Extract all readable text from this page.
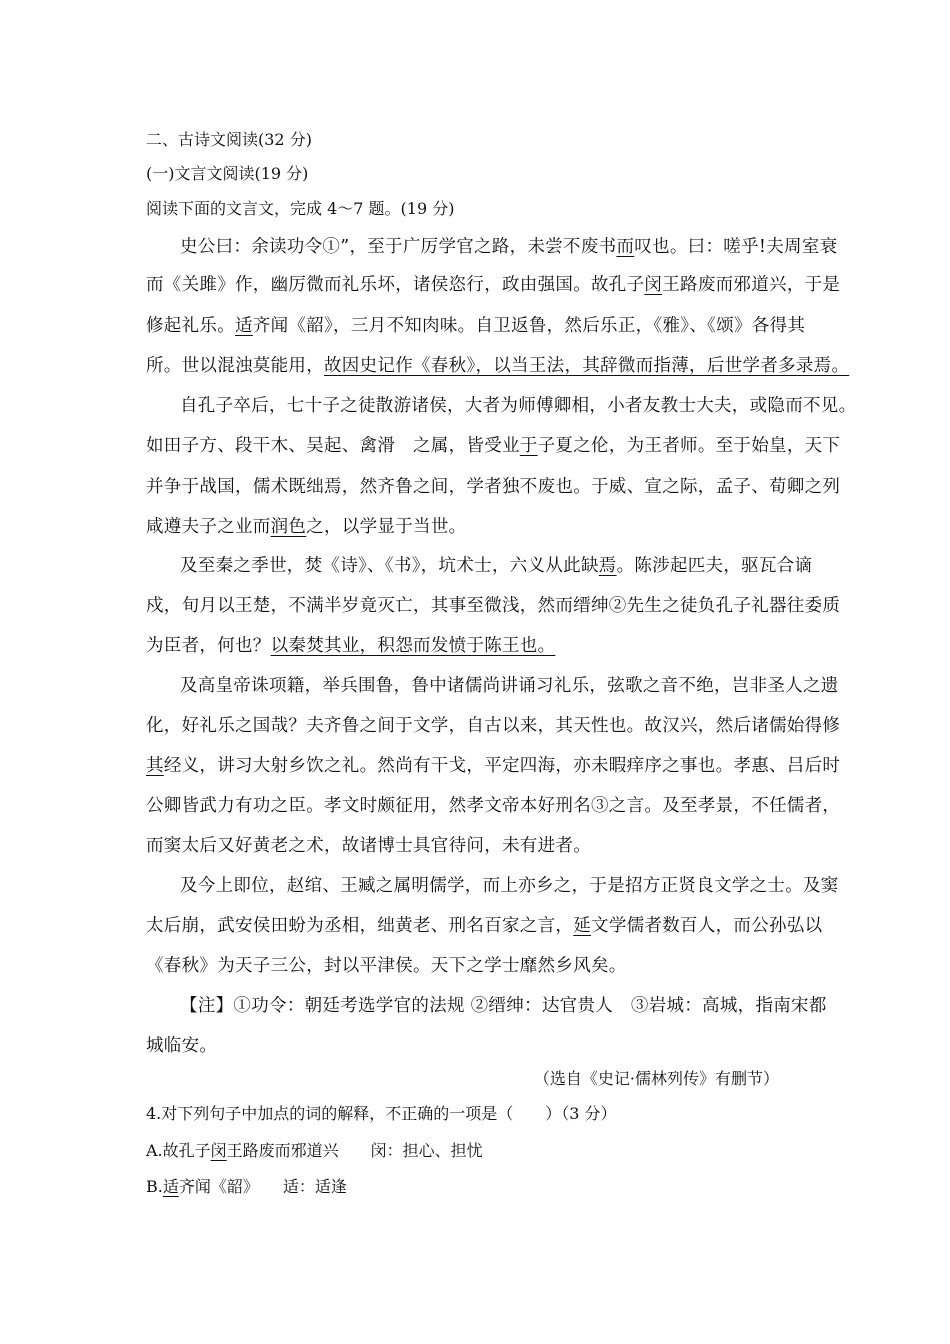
二、古诗文阅读(32 分)
(一)文言文阅读(19 分)
阅读下面的文言文，完成 4～7 题。(19 分)
史公曰：余读功令①”，至于广厉学官之路，未尝不废书而叹也。曰：嗟乎!夫周室衰
而《关雎》作，幽厉微而礼乐坏，诸侯恣行，政由强国。故孔子闵王路废而邪道兴，于是
修起礼乐。适齐闻《韶》，三月不知肉味。自卫返鲁，然后乐正，《雅》、《颂》各得其
所。世以混浊莫能用，故因史记作《春秋》，以当王法，其辞微而指薄，后世学者多录焉。
自孔子卒后，七十子之徒散游诸侯，大者为师傅卿相，小者友教士大夫，或隐而不见。
如田子方、段干木、吴起、禽滑　之属，皆受业于子夏之伦，为王者师。至于始皇，天下
并争于战国，儒术既绌焉，然齐鲁之间，学者独不废也。于威、宣之际，孟子、荀卿之列
咸遵夫子之业而润色之，以学显于当世。
及至秦之季世，焚《诗》、《书》，坑术士，六义从此缺焉。陈涉起匹夫，驱瓦合谪
戍，旬月以王楚，不满半岁竟灭亡，其事至微浅，然而缙绅②先生之徒负孔子礼器往委质
为臣者，何也？以秦焚其业，积怨而发愤于陈王也。
及高皇帝诛项籍，举兵围鲁，鲁中诸儒尚讲诵习礼乐，弦歌之音不绝，岂非圣人之遗
化，好礼乐之国哉？夫齐鲁之间于文学，自古以来，其天性也。故汉兴，然后诸儒始得修
其经义，讲习大射乡饮之礼。然尚有干戈，平定四海，亦未暇痒序之事也。孝惠、吕后时
公卿皆武力有功之臣。孝文时颇征用，然孝文帝本好刑名③之言。及至孝景，不任儒者，
而窦太后又好黄老之术，故诸博士具官待问，未有进者。
及今上即位，赵绾、王臧之属明儒学，而上亦乡之，于是招方正贤良文学之士。及窦
太后崩，武安侯田蚡为丞相，绌黄老、刑名百家之言，延文学儒者数百人，而公孙弘以
《春秋》为天子三公，封以平津侯。天下之学士靡然乡风矣。
【注】①功令：朝廷考选学官的法规 ②缙绅：达官贵人　③岩城：高城，指南宋都
城临安。
（选自《史记·儒林列传》有删节）
4.对下列句子中加点的词的解释，不正确的一项是（　　）（3 分）
A.故孔子闵王路废而邪道兴　　闵：担心、担忧
B.适齐闻《韶》　　适：适逢
